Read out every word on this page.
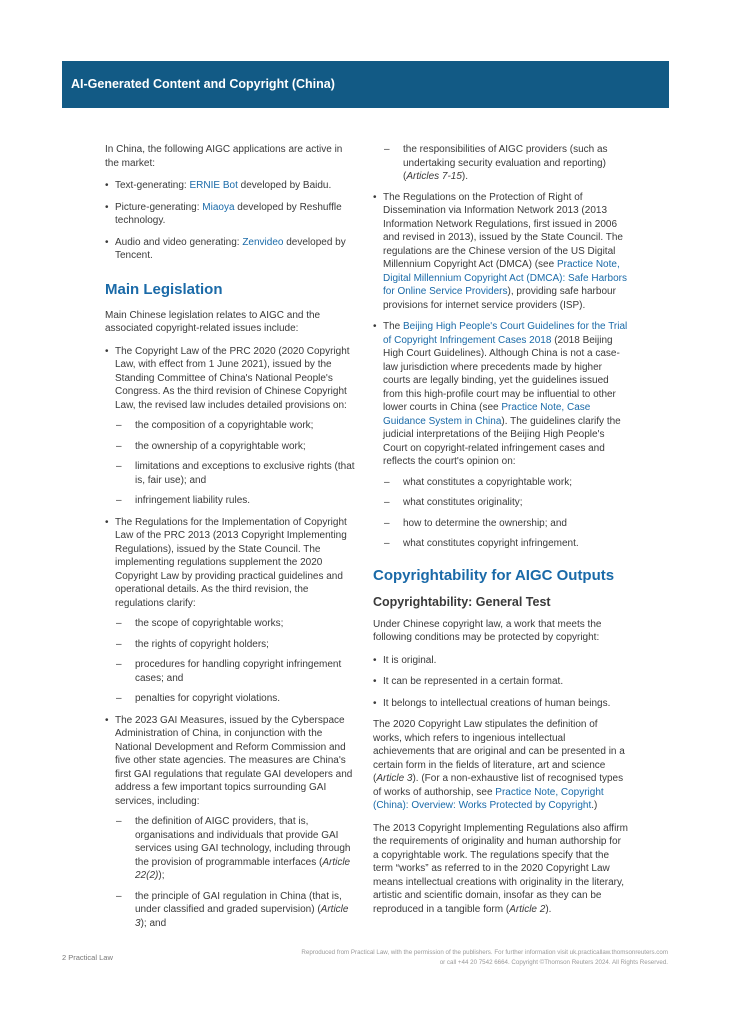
AI-Generated Content and Copyright (China)

In China, the following AIGC applications are active in the market:

• Text-generating: ERNIE Bot developed by Baidu.
• Picture-generating: Miaoya developed by Reshuffle technology.
• Audio and video generating: Zenvideo developed by Tencent.
Main Legislation

Main Chinese legislation relates to AIGC and the associated copyright-related issues include:

• The Copyright Law of the PRC 2020 (2020 Copyright Law, with effect from 1 June 2021), issued by the Standing Committee of China's National People's Congress. As the third revision of Chinese Copyright Law, the revised law includes detailed provisions on:
– the composition of a copyrightable work;
– the ownership of a copyrightable work;
– limitations and exceptions to exclusive rights (that is, fair use); and
– infringement liability rules.
• The Regulations for the Implementation of Copyright Law of the PRC 2013 (2013 Copyright Implementing Regulations), issued by the State Council. The implementing regulations supplement the 2020 Copyright Law by providing practical guidelines and operational details. As the third revision, the regulations clarify:
– the scope of copyrightable works;
– the rights of copyright holders;
– procedures for handling copyright infringement cases; and
– penalties for copyright violations.
• The 2023 GAI Measures, issued by the Cyberspace Administration of China, in conjunction with the National Development and Reform Commission and five other state agencies. The measures are China's first GAI regulations that regulate GAI developers and address a few important topics surrounding GAI services, including:
– the definition of AIGC providers, that is, organisations and individuals that provide GAI services using GAI technology, including through the provision of programmable interfaces (Article 22(2));
– the principle of GAI regulation in China (that is, under classified and graded supervision) (Article 3); and
– the responsibilities of AIGC providers (such as undertaking security evaluation and reporting) (Articles 7-15).
• The Regulations on the Protection of Right of Dissemination via Information Network 2013 (2013 Information Network Regulations, first issued in 2006 and revised in 2013), issued by the State Council. The regulations are the Chinese version of the US Digital Millennium Copyright Act (DMCA) (see Practice Note, Digital Millennium Copyright Act (DMCA): Safe Harbors for Online Service Providers), providing safe harbour provisions for internet service providers (ISP).
• The Beijing High People's Court Guidelines for the Trial of Copyright Infringement Cases 2018 (2018 Beijing High Court Guidelines). Although China is not a case-law jurisdiction where precedents made by higher courts are legally binding, yet the guidelines issued from this high-profile court may be influential to other lower courts in China (see Practice Note, Case Guidance System in China). The guidelines clarify the judicial interpretations of the Beijing High People's Court on copyright-related infringement cases and reflects the court's opinion on:
– what constitutes a copyrightable work;
– what constitutes originality;
– how to determine the ownership; and
– what constitutes copyright infringement.
Copyrightability for AIGC Outputs
Copyrightability: General Test

Under Chinese copyright law, a work that meets the following conditions may be protected by copyright:

• It is original.
• It can be represented in a certain format.
• It belongs to intellectual creations of human beings.

The 2020 Copyright Law stipulates the definition of works, which refers to ingenious intellectual achievements that are original and can be presented in a certain form in the fields of literature, art and science (Article 3). (For a non-exhaustive list of recognised types of works of authorship, see Practice Note, Copyright (China): Overview: Works Protected by Copyright.)

The 2013 Copyright Implementing Regulations also affirm the requirements of originality and human authorship for a copyrightable work. The regulations specify that the term “works” as referred to in the 2020 Copyright Law means intellectual creations with originality in the literary, artistic and scientific domain, insofar as they can be reproduced in a tangible form (Article 2).

2 Practical Law
Reproduced from Practical Law, with the permission of the publishers. For further information visit uk.practicallaw.thomsonreuters.com
or call +44 20 7542 6664. Copyright ©Thomson Reuters 2024. All Rights Reserved.
